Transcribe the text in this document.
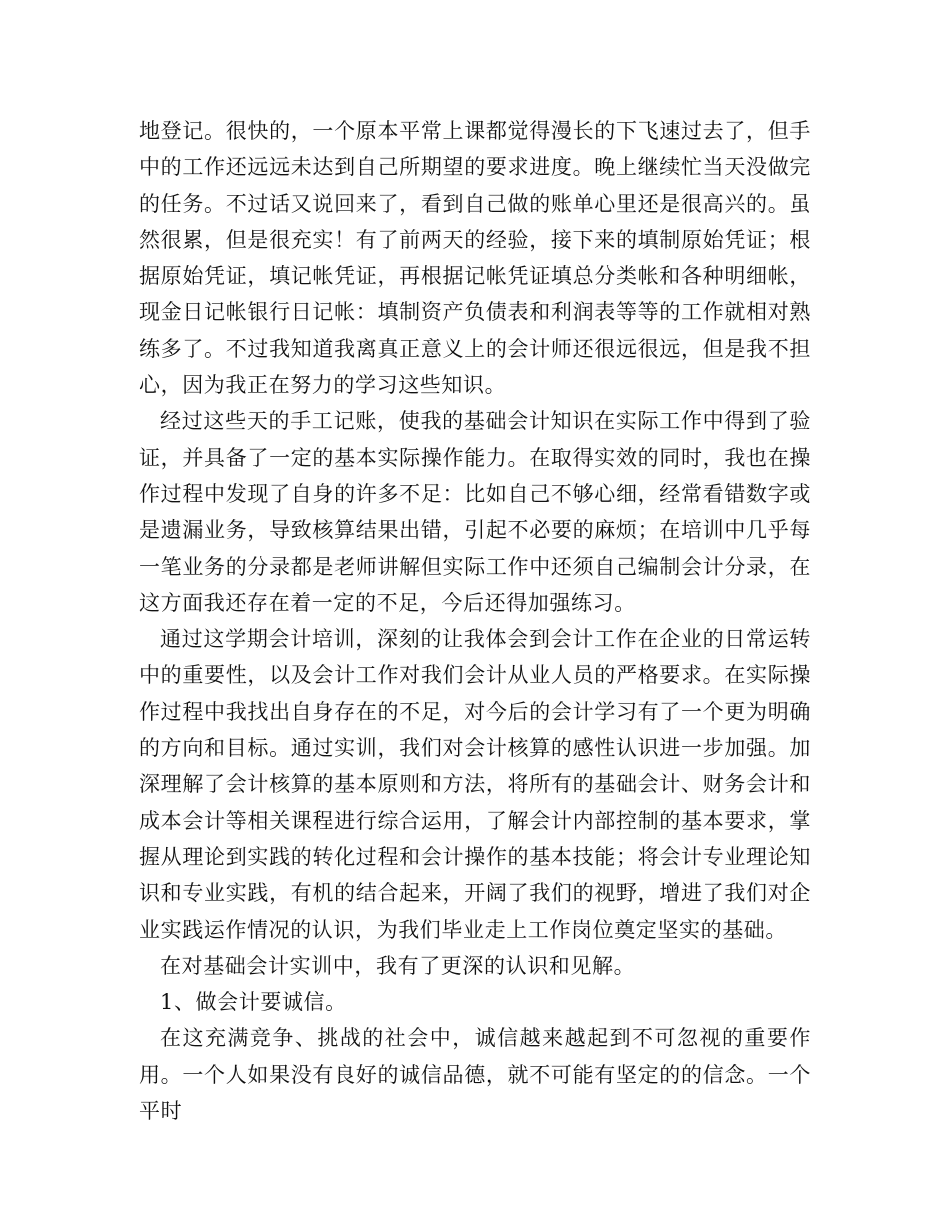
地登记。很快的，一个原本平常上课都觉得漫长的下飞速过去了，但手中的工作还远远未达到自己所期望的要求进度。晚上继续忙当天没做完的任务。不过话又说回来了，看到自己做的账单心里还是很高兴的。虽然很累，但是很充实！有了前两天的经验，接下来的填制原始凭证；根据原始凭证，填记帐凭证，再根据记帐凭证填总分类帐和各种明细帐，现金日记帐银行日记帐：填制资产负债表和利润表等等的工作就相对熟练多了。不过我知道我离真正意义上的会计师还很远很远，但是我不担心，因为我正在努力的学习这些知识。

经过这些天的手工记账，使我的基础会计知识在实际工作中得到了验证，并具备了一定的基本实际操作能力。在取得实效的同时，我也在操作过程中发现了自身的许多不足：比如自己不够心细，经常看错数字或是遗漏业务，导致核算结果出错，引起不必要的麻烦；在培训中几乎每一笔业务的分录都是老师讲解但实际工作中还须自己编制会计分录，在这方面我还存在着一定的不足，今后还得加强练习。

通过这学期会计培训，深刻的让我体会到会计工作在企业的日常运转中的重要性，以及会计工作对我们会计从业人员的严格要求。在实际操作过程中我找出自身存在的不足，对今后的会计学习有了一个更为明确的方向和目标。通过实训，我们对会计核算的感性认识进一步加强。加深理解了会计核算的基本原则和方法，将所有的基础会计、财务会计和成本会计等相关课程进行综合运用，了解会计内部控制的基本要求，掌握从理论到实践的转化过程和会计操作的基本技能；将会计专业理论知识和专业实践，有机的结合起来，开阔了我们的视野，增进了我们对企业实践运作情况的认识，为我们毕业走上工作岗位奠定坚实的基础。

在对基础会计实训中，我有了更深的认识和见解。

1、做会计要诚信。

在这充满竞争、挑战的社会中，诚信越来越起到不可忽视的重要作用。一个人如果没有良好的诚信品德，就不可能有坚定的的信念。一个平时
